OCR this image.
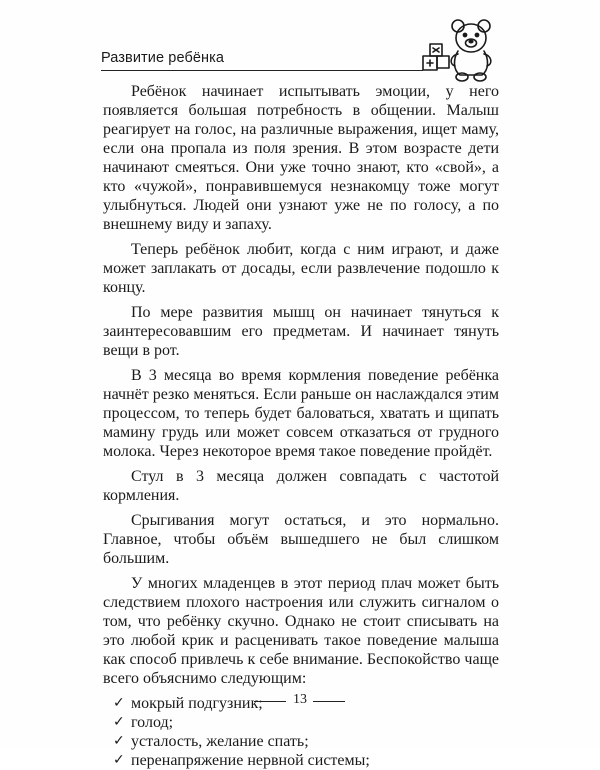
Развитие ребёнка

Ребёнок начинает испытывать эмоции, у него появляется большая потребность в общении. Малыш реагирует на голос, на различные выражения, ищет маму, если она пропала из поля зрения. В этом возрасте дети начинают смеяться. Они уже точно знают, кто «свой», а кто «чужой», понравившемуся незнакомцу тоже могут улыбнуться. Людей они узнают уже не по голосу, а по внешнему виду и запаху.

Теперь ребёнок любит, когда с ним играют, и даже может заплакать от досады, если развлечение подошло к концу.

По мере развития мышц он начинает тянуться к заинтересовавшим его предметам. И начинает тянуть вещи в рот.

В 3 месяца во время кормления поведение ребёнка начнёт резко меняться. Если раньше он наслаждался этим процессом, то теперь будет баловаться, хватать и щипать мамину грудь или может совсем отказаться от грудного молока. Через некоторое время такое поведение пройдёт.

Стул в 3 месяца должен совпадать с частотой кормления.

Срыгивания могут остаться, и это нормально. Главное, чтобы объём вышедшего не был слишком большим.

У многих младенцев в этот период плач может быть следствием плохого настроения или служить сигналом о том, что ребёнку скучно. Однако не стоит списывать на это любой крик и расценивать такое поведение малыша как способ привлечь к себе внимание. Беспокойство чаще всего объяснимо следующим:

✓ мокрый подгузник;
✓ голод;
✓ усталость, желание спать;
✓ перенапряжение нервной системы;
13
